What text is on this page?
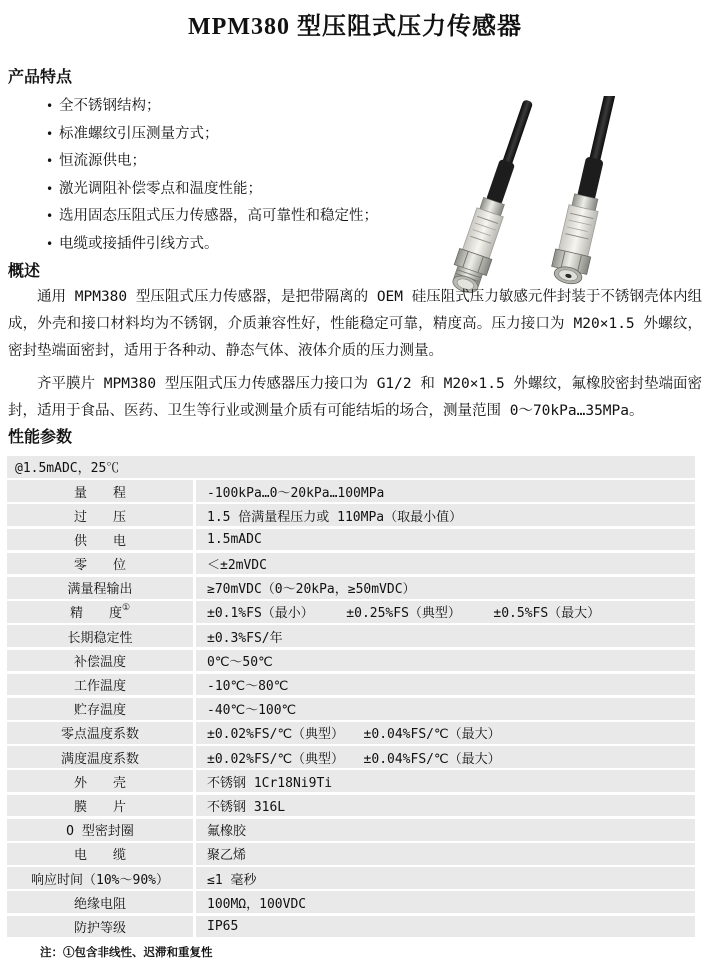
MPM380 型压阻式压力传感器
产品特点
• 全不锈钢结构；
• 标准螺纹引压测量方式；
• 恒流源供电；
• 激光调阻补偿零点和温度性能；
• 选用固态压阻式压力传感器，高可靠性和稳定性；
• 电缆或接插件引线方式。
概述

通用 MPM380 型压阻式压力传感器，是把带隔离的 OEM 硅压阻式压力敏感元件封装于不锈钢壳体内组成，外壳和接口材料均为不锈钢，介质兼容性好，性能稳定可靠，精度高。压力接口为 M20×1.5 外螺纹，密封垫端面密封，适用于各种动、静态气体、液体介质的压力测量。

齐平膜片 MPM380 型压阻式压力传感器压力接口为 G1/2 和 M20×1.5 外螺纹，氟橡胶密封垫端面密封，适用于食品、医药、卫生等行业或测量介质有可能结垢的场合，测量范围 0～70kPa…35MPa。

性能参数
@1.5mADC，25℃
量　　程	-100kPa…0～20kPa…100MPa
过　　压	1.5 倍满量程压力或 110MPa（取最小值）
供　　电	1.5mADC
零　　位	＜±2mVDC
满量程输出	≥70mVDC（0～20kPa，≥50mVDC）
精　　度①	±0.1%FS（最小）　　　±0.25%FS（典型）　　　±0.5%FS（最大）
长期稳定性	±0.3%FS/年
补偿温度	0℃～50℃
工作温度	-10℃～80℃
贮存温度	-40℃～100℃
零点温度系数	±0.02%FS/℃（典型）　　±0.04%FS/℃（最大）
满度温度系数	±0.02%FS/℃（典型）　　±0.04%FS/℃（最大）
外　　壳	不锈钢 1Cr18Ni9Ti
膜　　片	不锈钢 316L
O 型密封圈	氟橡胶
电　　缆	聚乙烯
响应时间（10%～90%）	≤1 毫秒
绝缘电阻	100MΩ，100VDC
防护等级	IP65
注：①包含非线性、迟滞和重复性
